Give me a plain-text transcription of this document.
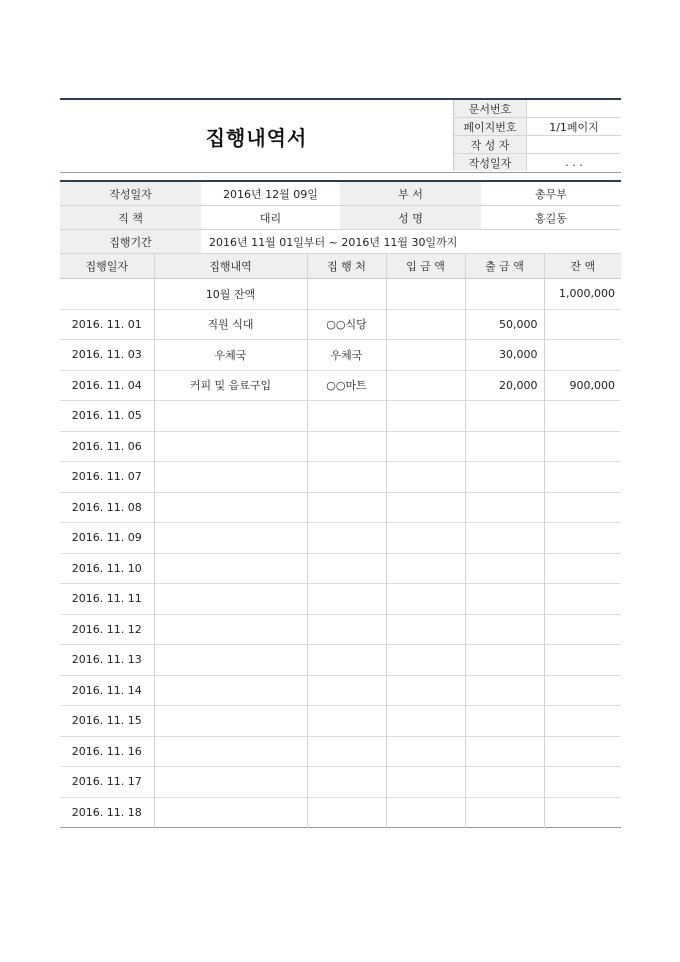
집행내역서
문서번호	
페이지번호	1/1페이지
작 성 자	
작성일자	. . .
작성일자	2016년 12월 09일	부 서	총무부
직 책	대리	성 명	홍길동
집행기간	2016년 11월 01일부터 ~ 2016년 11월 30일까지		
집행일자	집행내역	집 행 처	입 금 액	출 금 액	잔 액
	10월 잔액				1,000,000
2016. 11. 01	직원 식대	○○식당		50,000	
2016. 11. 03	우체국	우체국		30,000	
2016. 11. 04	커피 및 음료구입	○○마트		20,000	900,000
2016. 11. 05					
2016. 11. 06					
2016. 11. 07					
2016. 11. 08					
2016. 11. 09					
2016. 11. 10					
2016. 11. 11					
2016. 11. 12					
2016. 11. 13					
2016. 11. 14					
2016. 11. 15					
2016. 11. 16					
2016. 11. 17					
2016. 11. 18					
